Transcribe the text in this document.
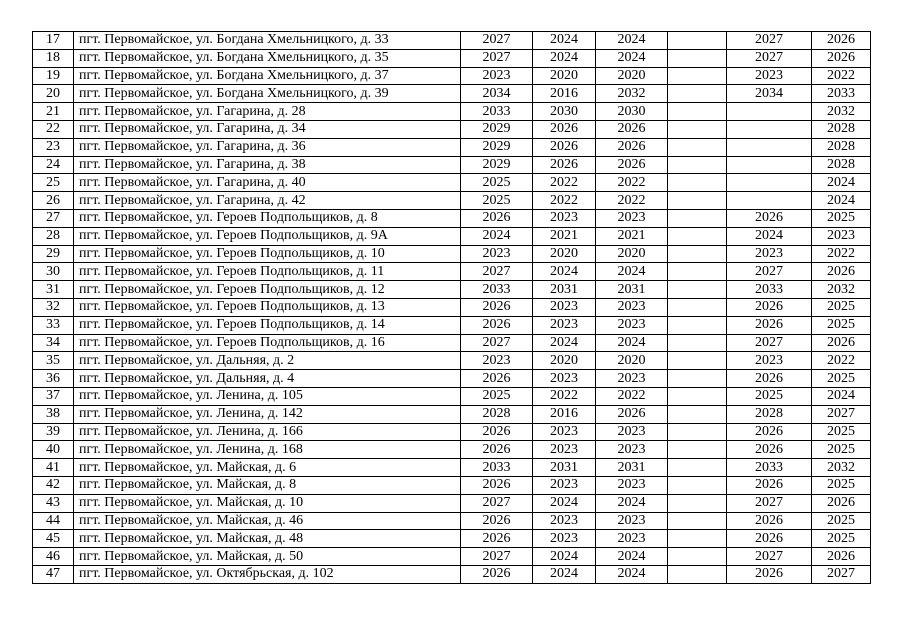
17	пгт. Первомайское, ул. Богдана Хмельницкого, д. 33	2027	2024	2024		2027	2026
18	пгт. Первомайское, ул. Богдана Хмельницкого, д. 35	2027	2024	2024		2027	2026
19	пгт. Первомайское, ул. Богдана Хмельницкого, д. 37	2023	2020	2020		2023	2022
20	пгт. Первомайское, ул. Богдана Хмельницкого, д. 39	2034	2016	2032		2034	2033
21	пгт. Первомайское, ул. Гагарина, д. 28	2033	2030	2030			2032
22	пгт. Первомайское, ул. Гагарина, д. 34	2029	2026	2026			2028
23	пгт. Первомайское, ул. Гагарина, д. 36	2029	2026	2026			2028
24	пгт. Первомайское, ул. Гагарина, д. 38	2029	2026	2026			2028
25	пгт. Первомайское, ул. Гагарина, д. 40	2025	2022	2022			2024
26	пгт. Первомайское, ул. Гагарина, д. 42	2025	2022	2022			2024
27	пгт. Первомайское, ул. Героев Подпольщиков, д. 8	2026	2023	2023		2026	2025
28	пгт. Первомайское, ул. Героев Подпольщиков, д. 9А	2024	2021	2021		2024	2023
29	пгт. Первомайское, ул. Героев Подпольщиков, д. 10	2023	2020	2020		2023	2022
30	пгт. Первомайское, ул. Героев Подпольщиков, д. 11	2027	2024	2024		2027	2026
31	пгт. Первомайское, ул. Героев Подпольщиков, д. 12	2033	2031	2031		2033	2032
32	пгт. Первомайское, ул. Героев Подпольщиков, д. 13	2026	2023	2023		2026	2025
33	пгт. Первомайское, ул. Героев Подпольщиков, д. 14	2026	2023	2023		2026	2025
34	пгт. Первомайское, ул. Героев Подпольщиков, д. 16	2027	2024	2024		2027	2026
35	пгт. Первомайское, ул. Дальняя, д. 2	2023	2020	2020		2023	2022
36	пгт. Первомайское, ул. Дальняя, д. 4	2026	2023	2023		2026	2025
37	пгт. Первомайское, ул. Ленина, д. 105	2025	2022	2022		2025	2024
38	пгт. Первомайское, ул. Ленина, д. 142	2028	2016	2026		2028	2027
39	пгт. Первомайское, ул. Ленина, д. 166	2026	2023	2023		2026	2025
40	пгт. Первомайское, ул. Ленина, д. 168	2026	2023	2023		2026	2025
41	пгт. Первомайское, ул. Майская, д. 6	2033	2031	2031		2033	2032
42	пгт. Первомайское, ул. Майская, д. 8	2026	2023	2023		2026	2025
43	пгт. Первомайское, ул. Майская, д. 10	2027	2024	2024		2027	2026
44	пгт. Первомайское, ул. Майская, д. 46	2026	2023	2023		2026	2025
45	пгт. Первомайское, ул. Майская, д. 48	2026	2023	2023		2026	2025
46	пгт. Первомайское, ул. Майская, д. 50	2027	2024	2024		2027	2026
47	пгт. Первомайское, ул. Октябрьская, д. 102	2026	2024	2024		2026	2027
